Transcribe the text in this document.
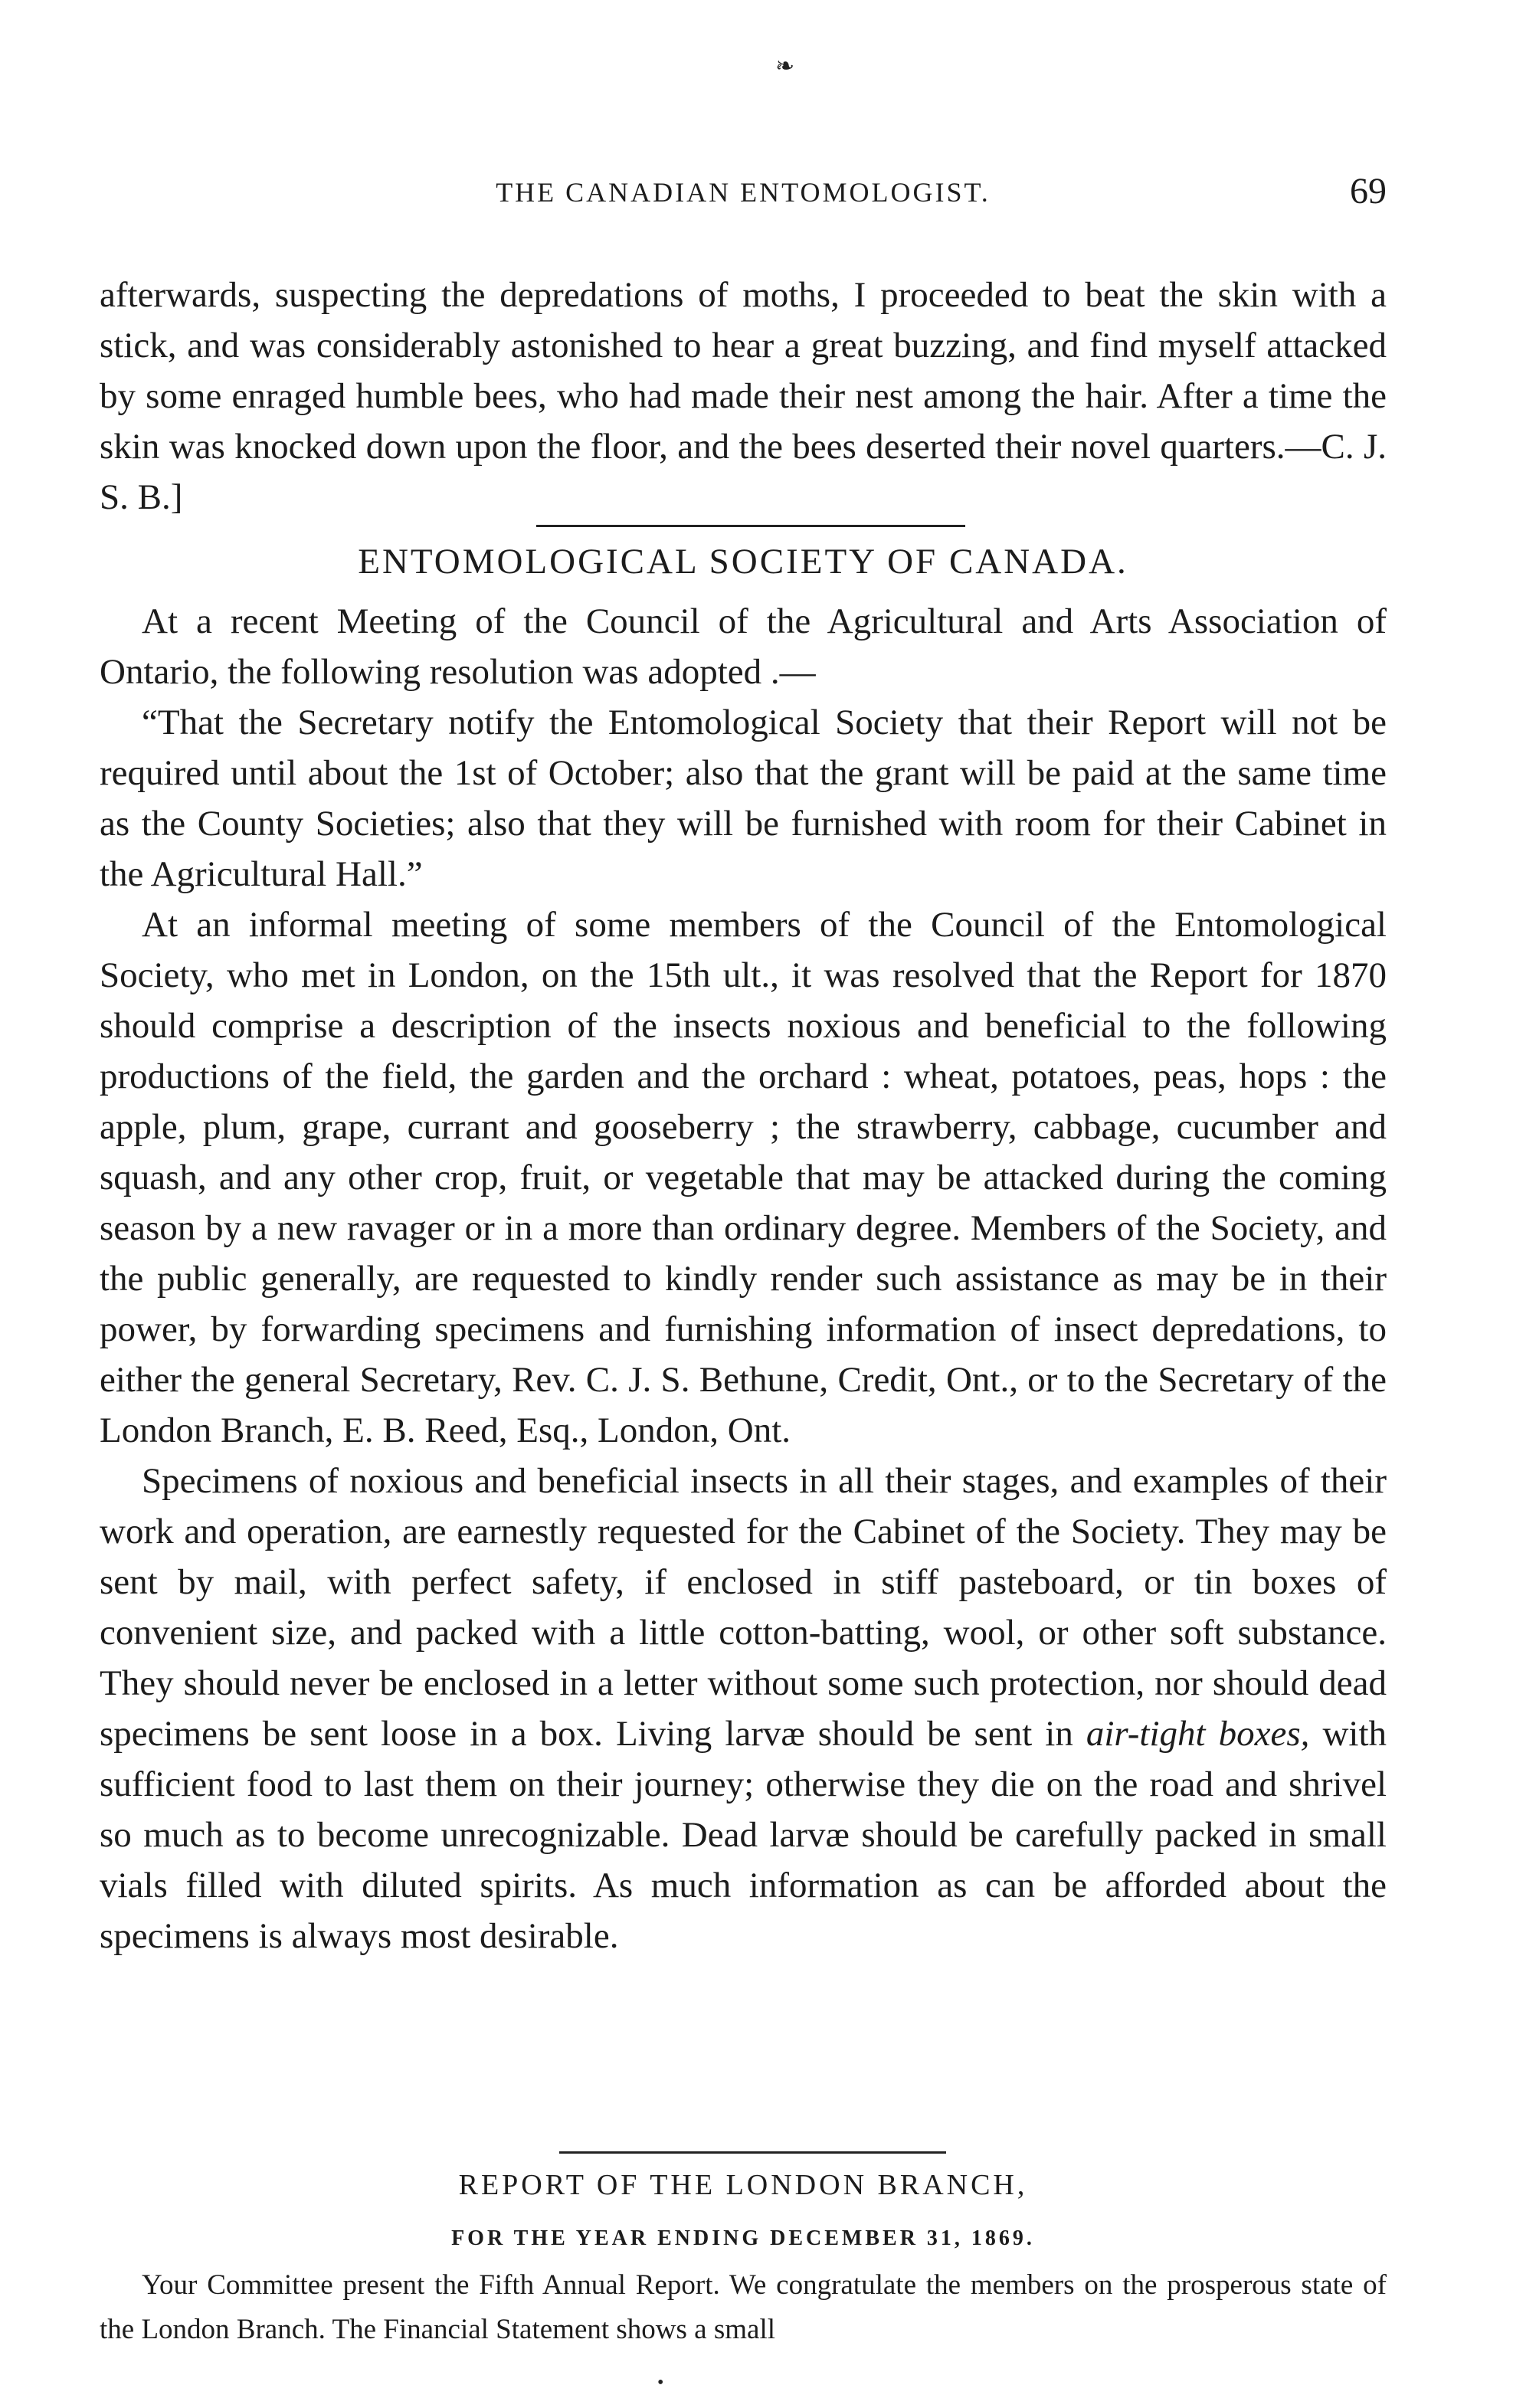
❧
THE CANADIAN ENTOMOLOGIST.	69

afterwards, suspecting the depredations of moths, I proceeded to beat the skin with a stick, and was considerably astonished to hear a great buzzing, and find myself attacked by some enraged humble bees, who had made their nest among the hair. After a time the skin was knocked down upon the floor, and the bees deserted their novel quarters.—C. J. S. B.]

ENTOMOLOGICAL SOCIETY OF CANADA.

At a recent Meeting of the Council of the Agricultural and Arts Association of Ontario, the following resolution was adopted .—

“That the Secretary notify the Entomological Society that their Report will not be required until about the 1st of October; also that the grant will be paid at the same time as the County Societies; also that they will be furnished with room for their Cabinet in the Agricultural Hall.”

At an informal meeting of some members of the Council of the Entomological Society, who met in London, on the 15th ult., it was resolved that the Report for 1870 should comprise a description of the insects noxious and beneficial to the following productions of the field, the garden and the orchard : wheat, potatoes, peas, hops : the apple, plum, grape, currant and gooseberry ; the strawberry, cabbage, cucumber and squash, and any other crop, fruit, or vegetable that may be attacked during the coming season by a new ravager or in a more than ordinary degree. Members of the Society, and the public generally, are requested to kindly render such assistance as may be in their power, by forwarding specimens and furnishing information of insect depredations, to either the general Secretary, Rev. C. J. S. Bethune, Credit, Ont., or to the Secretary of the London Branch, E. B. Reed, Esq., London, Ont.

Specimens of noxious and beneficial insects in all their stages, and examples of their work and operation, are earnestly requested for the Cabinet of the Society. They may be sent by mail, with perfect safety, if enclosed in stiff pasteboard, or tin boxes of convenient size, and packed with a little cotton-batting, wool, or other soft substance. They should never be enclosed in a letter without some such protection, nor should dead specimens be sent loose in a box. Living larvæ should be sent in air-tight boxes, with sufficient food to last them on their journey; otherwise they die on the road and shrivel so much as to become unrecognizable. Dead larvæ should be carefully packed in small vials filled with diluted spirits. As much information as can be afforded about the specimens is always most desirable.

REPORT OF THE LONDON BRANCH,

FOR THE YEAR ENDING DECEMBER 31, 1869.

Your Committee present the Fifth Annual Report. We congratulate the members on the prosperous state of the London Branch. The Financial Statement shows a small

•
